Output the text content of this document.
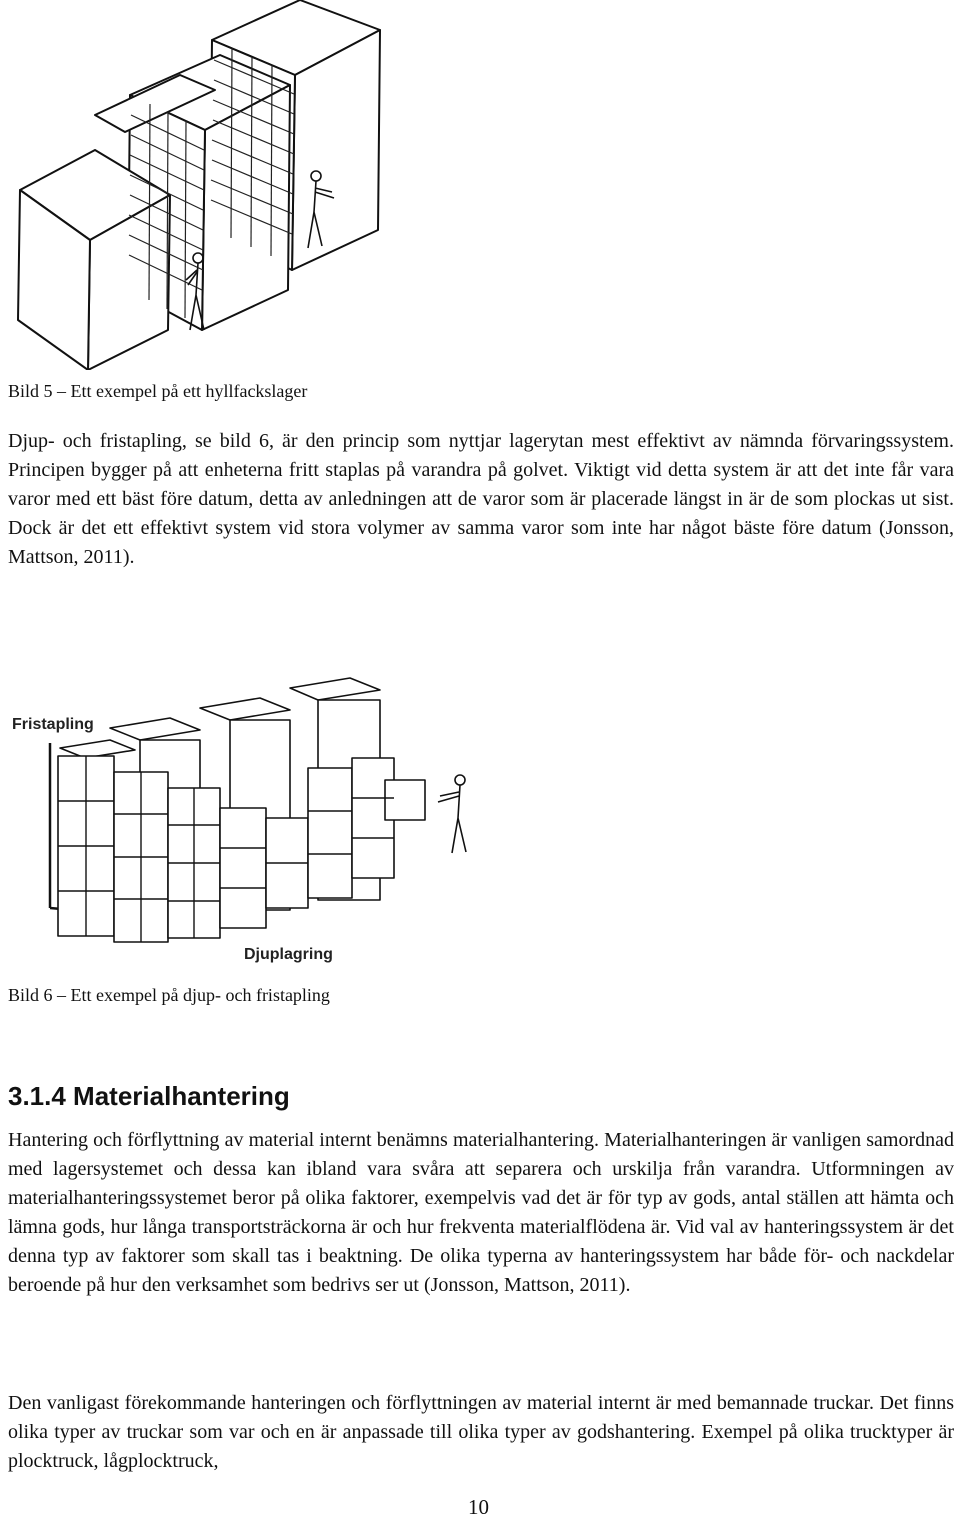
Bild 5 – Ett exempel på ett hyllfackslager

Djup- och fristapling, se bild 6, är den princip som nyttjar lagerytan mest effektivt av nämnda förvaringssystem. Principen bygger på att enheterna fritt staplas på varandra på golvet. Viktigt vid detta system är att det inte får vara varor med ett bäst före datum, detta av anledningen att de varor som är placerade längst in är de som plockas ut sist. Dock är det ett effektivt system vid stora volymer av samma varor som inte har något bäste före datum (Jonsson, Mattson, 2011).

Fristapling
Djuplagring
Bild 6 – Ett exempel på djup- och fristapling
3.1.4 Materialhantering

Hantering och förflyttning av material internt benämns materialhantering. Materialhanteringen är vanligen samordnad med lagersystemet och dessa kan ibland vara svåra att separera och urskilja från varandra. Utformningen av materialhanteringssystemet beror på olika faktorer, exempelvis vad det är för typ av gods, antal ställen att hämta och lämna gods, hur långa transportsträckorna är och hur frekventa materialflödena är. Vid val av hanteringssystem är det denna typ av faktorer som skall tas i beaktning. De olika typerna av hanteringssystem har både för- och nackdelar beroende på hur den verksamhet som bedrivs ser ut (Jonsson, Mattson, 2011).

Den vanligast förekommande hanteringen och förflyttningen av material internt är med bemannade truckar. Det finns olika typer av truckar som var och en är anpassade till olika typer av godshantering. Exempel på olika trucktyper är plocktruck, lågplocktruck,

10
